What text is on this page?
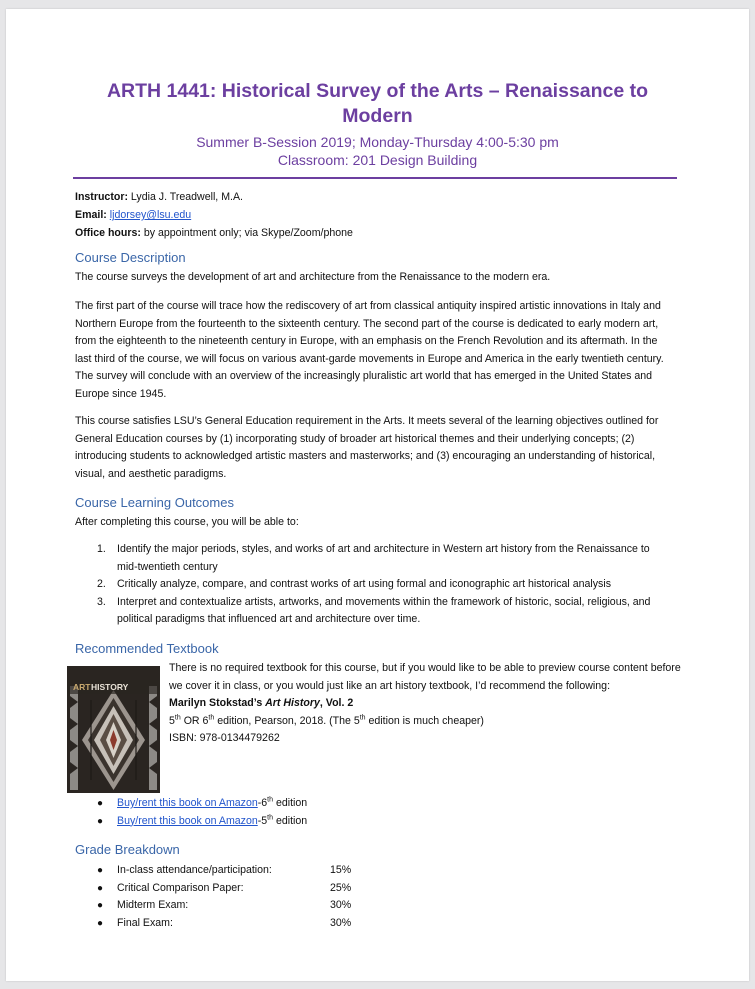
ARTH 1441: Historical Survey of the Arts – Renaissance to Modern

Summer B-Session 2019; Monday-Thursday 4:00-5:30 pm

Classroom: 201 Design Building

Instructor: Lydia J. Treadwell, M.A.
Email: ljdorsey@lsu.edu
Office hours: by appointment only; via Skype/Zoom/phone
Course Description

The course surveys the development of art and architecture from the Renaissance to the modern era.

The first part of the course will trace how the rediscovery of art from classical antiquity inspired artistic innovations in Italy and Northern Europe from the fourteenth to the sixteenth century. The second part of the course is dedicated to early modern art, from the eighteenth to the nineteenth century in Europe, with an emphasis on the French Revolution and its aftermath. In the last third of the course, we will focus on various avant-garde movements in Europe and America in the early twentieth century. The survey will conclude with an overview of the increasingly pluralistic art world that has emerged in the United States and Europe since 1945.

This course satisfies LSU’s General Education requirement in the Arts. It meets several of the learning objectives outlined for General Education courses by (1) incorporating study of broader art historical themes and their underlying concepts; (2) introducing students to acknowledged artistic masters and masterworks; and (3) encouraging an understanding of historical, visual, and aesthetic paradigms.

Course Learning Outcomes

After completing this course, you will be able to:

1. Identify the major periods, styles, and works of art and architecture in Western art history from the Renaissance to mid-twentieth century
2. Critically analyze, compare, and contrast works of art using formal and iconographic art historical analysis
3. Interpret and contextualize artists, artworks, and movements within the framework of historic, social, religious, and political paradigms that influenced art and architecture over time.
Recommended Textbook
ART HISTORY
There is no required textbook for this course, but if you would like to be able to preview course content before we cover it in class, or you would just like an art history textbook, I’d recommend the following:
Marilyn Stokstad’s Art History, Vol. 2
5th OR 6th edition, Pearson, 2018. (The 5th edition is much cheaper)
ISBN: 978-0134479262
● Buy/rent this book on Amazon-6th edition
● Buy/rent this book on Amazon-5th edition
Grade Breakdown
● In-class attendance/participation:	15%
● Critical Comparison Paper:	25%
● Midterm Exam:	30%
● Final Exam:	30%
